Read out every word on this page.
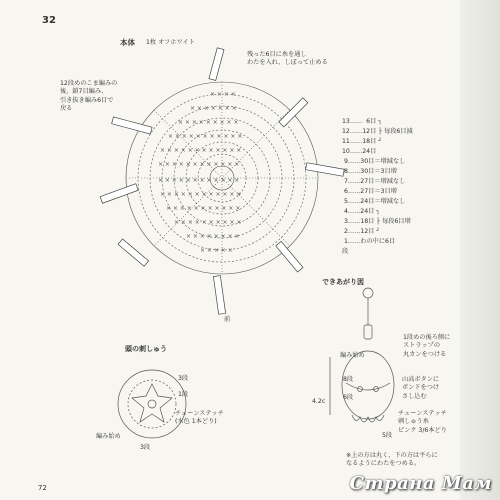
32
本体 1枚 オフホワイト
残った6目に糸を通し
わたを入れ、しぼって止める
12段めのこま編みの
後、鎖7目編み、
引き抜き編み6目で
戻る
× × × ×
× × × × × × ×
× × × × × × × × ×
× × × × × × × × × × ×
× × × × × × × × × × × ×
× × × × × × × × × × × ×
× × × × × × × × × × × ×
× × × × × × × × × × × ×
× × × × × × × × × × ×
× × × × × × × × × ×
× × × × × × × ×
× × × × ×
前
13……  6目 ┐
12……12目 ├ 毎段6目減
11……18目 ┘
10……24目
9……30目＝増減なし
8……30目＝3目増
7……27目＝増減なし
6……27目＝3目増
5……24目＝増減なし
4……24目 ┐
3……18目 ├ 毎段6目増
2……12目 ┘
1……わの中に6目
段
できあがり図
1段めの後ろ側に
ストラップの
丸カンをつける
編み始め
8段
6段
4.2c
山高ボタンに
ボンドをつけ
さし込む
チェーンステッチ
刺しゅう糸
ピンク 3/6本どり
5段
※上の方は丸く、下の方は平らに
なるようにわたをつめる。
頭の刺しゅう
3段
1段
チェーンステッチ
(水色 1本どり)
編み始め
3段
72	Страна Мам
